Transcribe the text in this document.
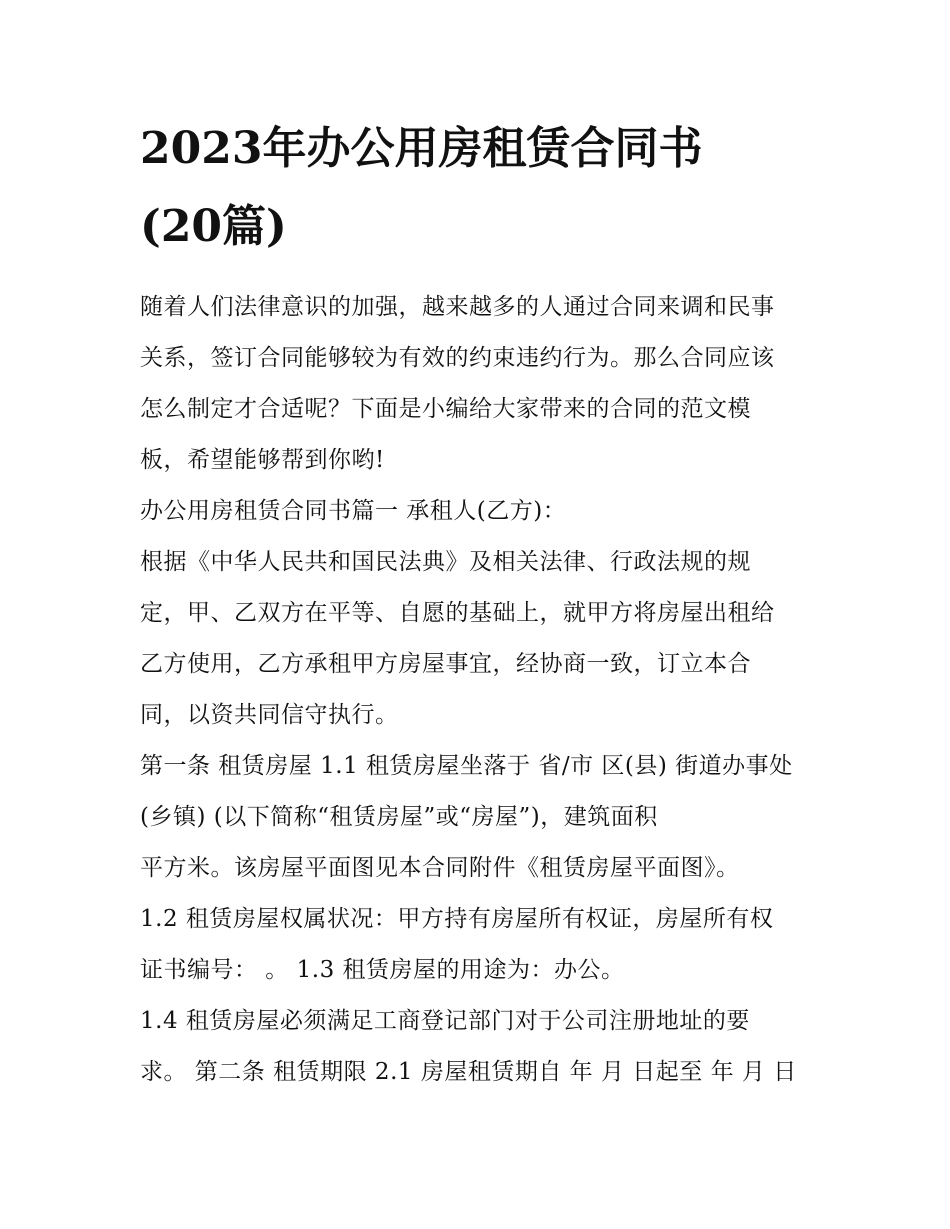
2023年办公用房租赁合同书
(20篇)
随着人们法律意识的加强，越来越多的人通过合同来调和民事
关系，签订合同能够较为有效的约束违约行为。那么合同应该
怎么制定才合适呢？下面是小编给大家带来的合同的范文模
板，希望能够帮到你哟!
办公用房租赁合同书篇一 承租人(乙方)：
根据《中华人民共和国民法典》及相关法律、行政法规的规
定，甲、乙双方在平等、自愿的基础上，就甲方将房屋出租给
乙方使用，乙方承租甲方房屋事宜，经协商一致，订立本合
同，以资共同信守执行。
第一条 租赁房屋 1.1 租赁房屋坐落于 省/市 区(县) 街道办事处
(乡镇) (以下简称“租赁房屋”或“房屋”)，建筑面积
平方米。该房屋平面图见本合同附件《租赁房屋平面图》。
1.2 租赁房屋权属状况：甲方持有房屋所有权证，房屋所有权
证书编号： 。 1.3 租赁房屋的用途为：办公。
1.4 租赁房屋必须满足工商登记部门对于公司注册地址的要
求。 第二条 租赁期限 2.1 房屋租赁期自 年 月 日起至 年 月 日
